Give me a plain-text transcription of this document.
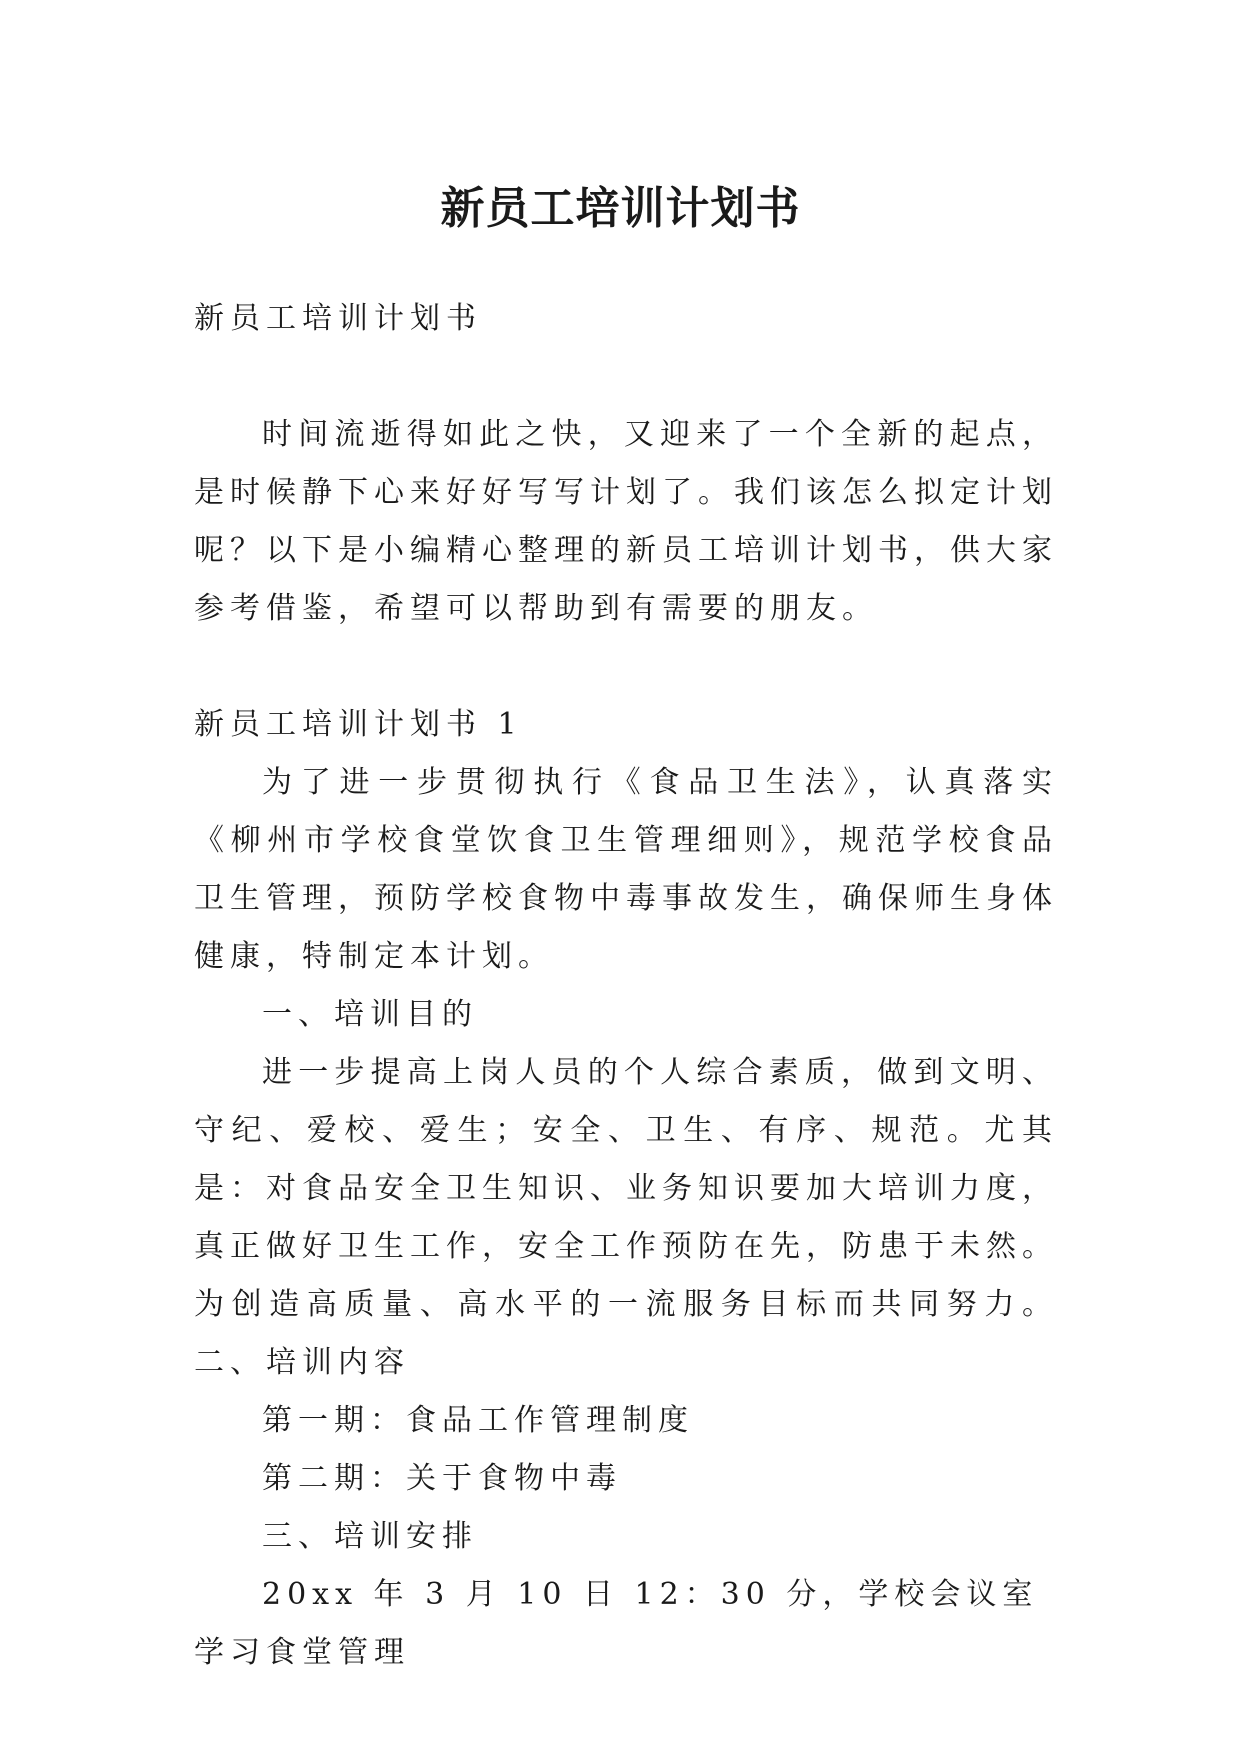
新员工培训计划书

新员工培训计划书

时间流逝得如此之快，又迎来了一个全新的起点，是时候静下心来好好写写计划了。我们该怎么拟定计划呢？以下是小编精心整理的新员工培训计划书，供大家参考借鉴，希望可以帮助到有需要的朋友。

新员工培训计划书 1

为了进一步贯彻执行《食品卫生法》，认真落实《柳州市学校食堂饮食卫生管理细则》，规范学校食品卫生管理，预防学校食物中毒事故发生，确保师生身体健康，特制定本计划。

一、培训目的

进一步提高上岗人员的个人综合素质，做到文明、守纪、爱校、爱生；安全、卫生、有序、规范。尤其是：对食品安全卫生知识、业务知识要加大培训力度，真正做好卫生工作，安全工作预防在先，防患于未然。为创造高质量、高水平的一流服务目标而共同努力。 二、培训内容

第一期：食品工作管理制度

第二期：关于食物中毒

三、培训安排

20xx 年 3 月 10 日 12：30 分，学校会议室学习食堂管理
